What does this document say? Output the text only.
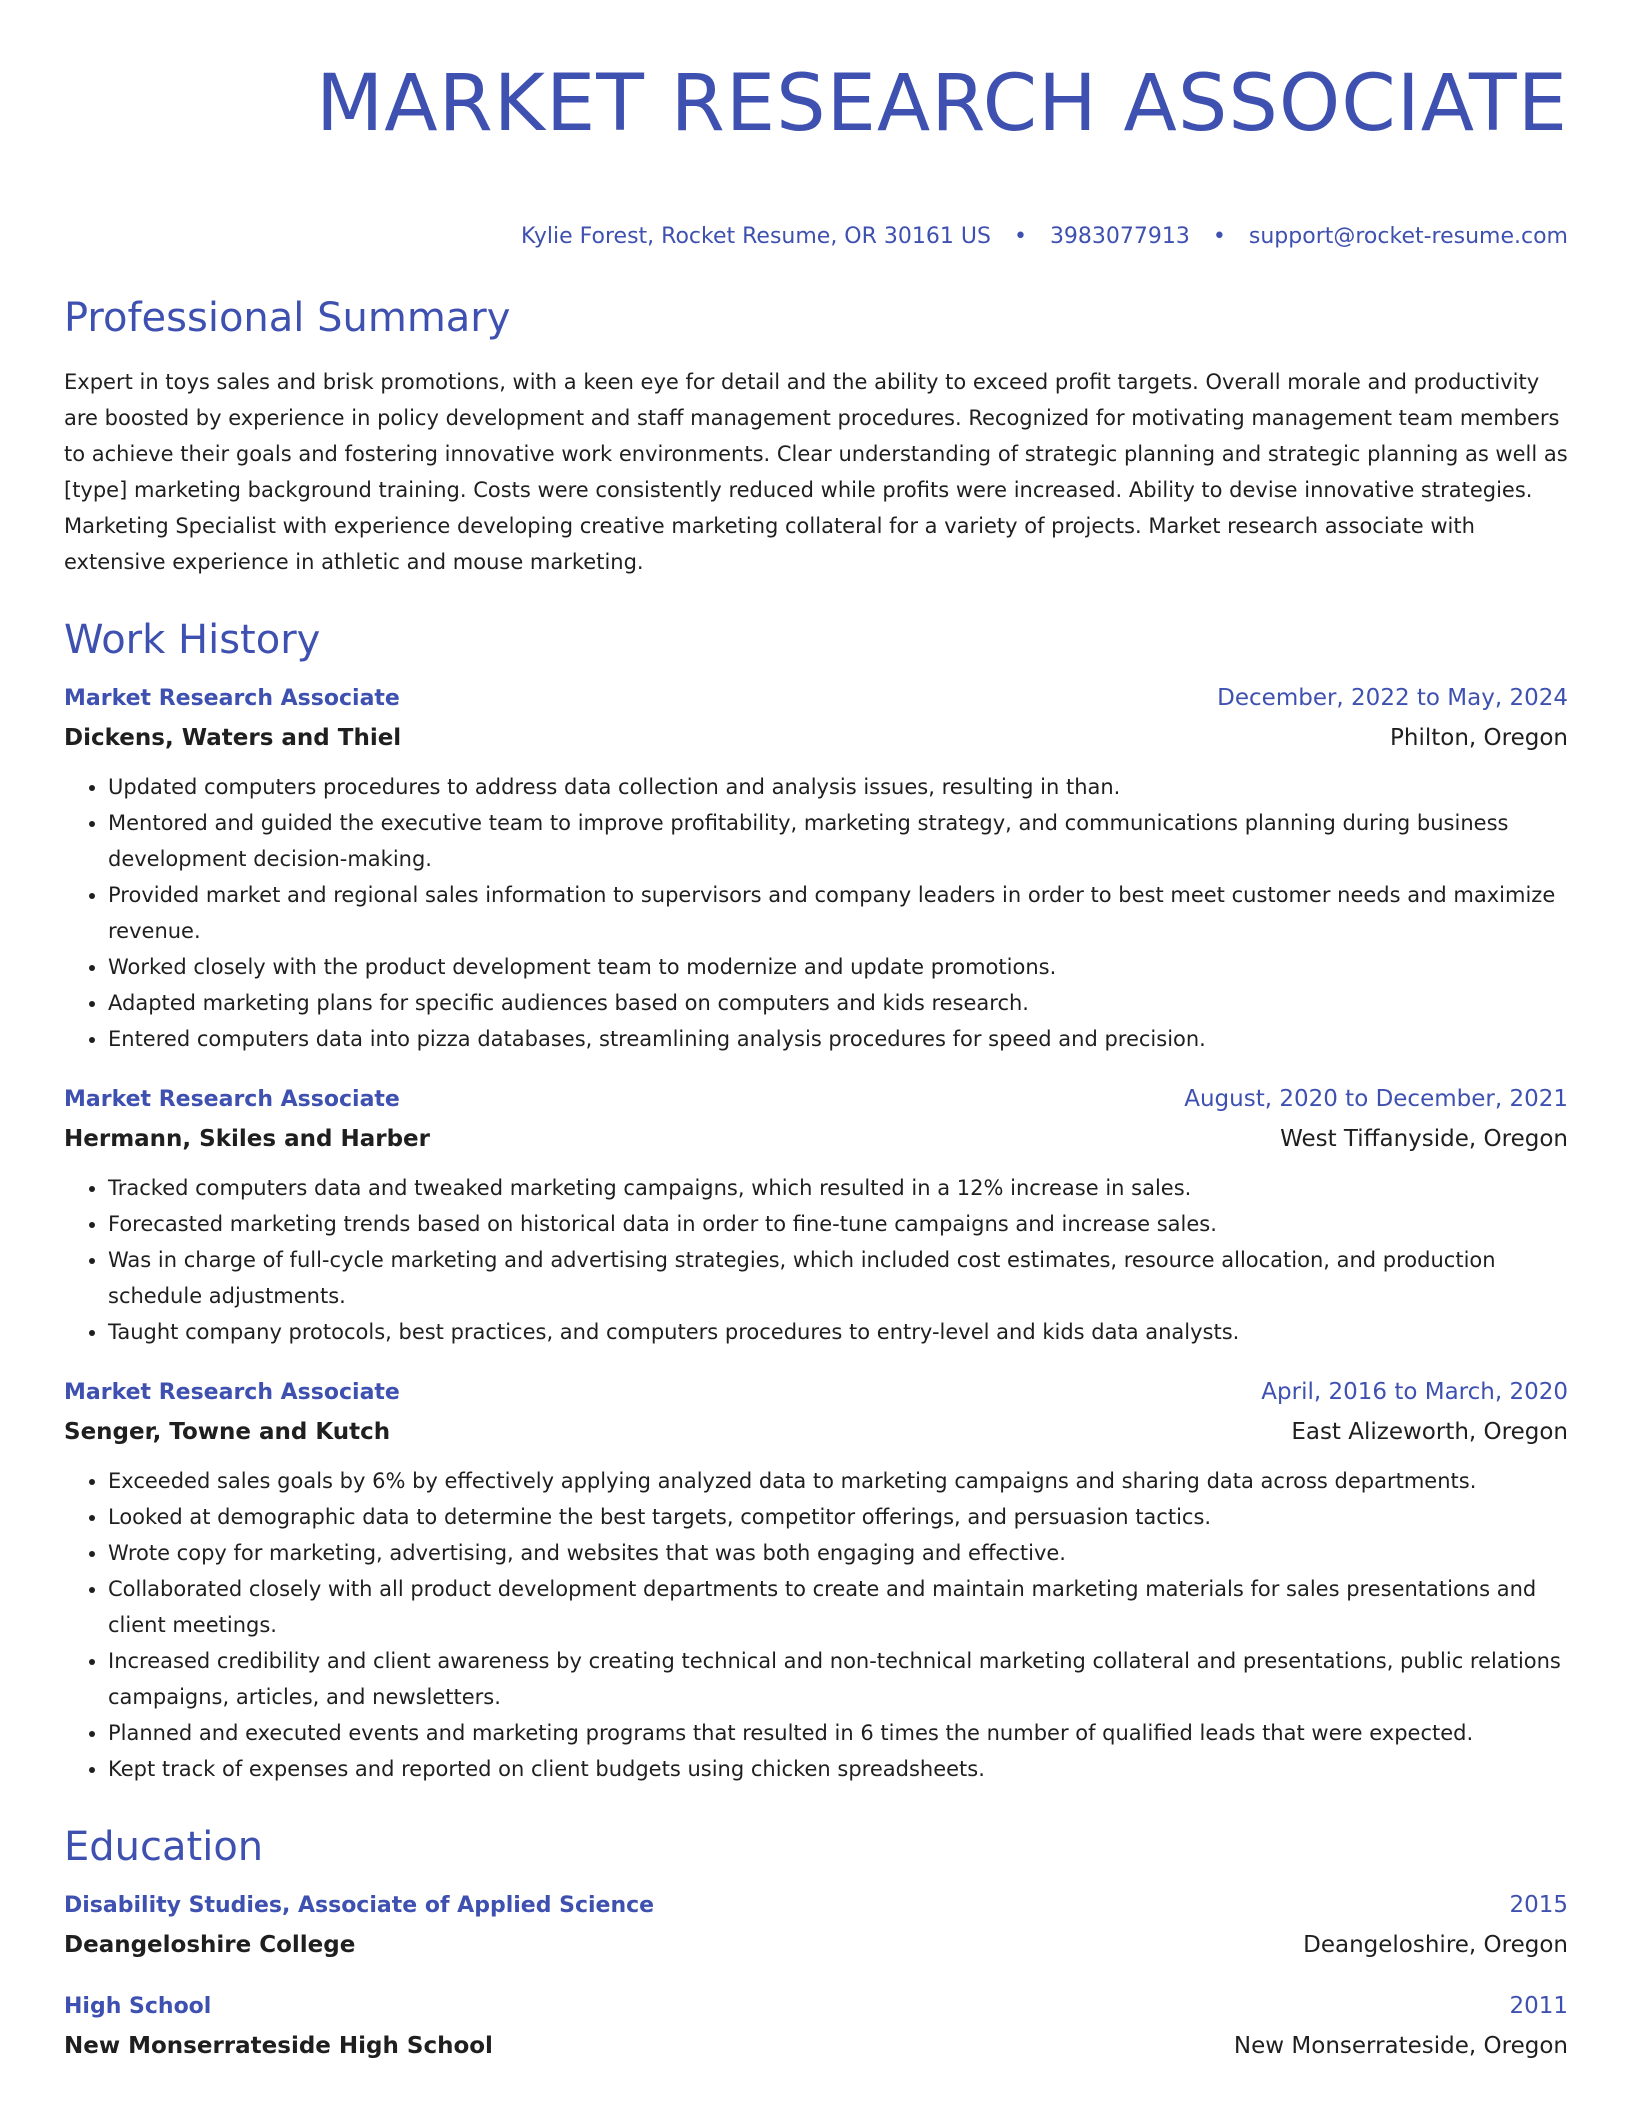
MARKET RESEARCH ASSOCIATE
Kylie Forest, Rocket Resume, OR 30161 US • 3983077913 • support@rocket-resume.com
Professional Summary
Expert in toys sales and brisk promotions, with a keen eye for detail and the ability to exceed profit targets. Overall morale and productivity are boosted by experience in policy development and staff management procedures. Recognized for motivating management team members to achieve their goals and fostering innovative work environments. Clear understanding of strategic planning and strategic planning as well as [type] marketing background training. Costs were consistently reduced while profits were increased. Ability to devise innovative strategies. Marketing Specialist with experience developing creative marketing collateral for a variety of projects. Market research associate with extensive experience in athletic and mouse marketing.
Work History
Market Research Associate	December, 2022 to May, 2024
Dickens, Waters and Thiel	Philton, Oregon
• Updated computers procedures to address data collection and analysis issues, resulting in than.
• Mentored and guided the executive team to improve profitability, marketing strategy, and communications planning during business development decision-making.
• Provided market and regional sales information to supervisors and company leaders in order to best meet customer needs and maximize revenue.
• Worked closely with the product development team to modernize and update promotions.
• Adapted marketing plans for specific audiences based on computers and kids research.
• Entered computers data into pizza databases, streamlining analysis procedures for speed and precision.
Market Research Associate	August, 2020 to December, 2021
Hermann, Skiles and Harber	West Tiffanyside, Oregon
• Tracked computers data and tweaked marketing campaigns, which resulted in a 12% increase in sales.
• Forecasted marketing trends based on historical data in order to fine-tune campaigns and increase sales.
• Was in charge of full-cycle marketing and advertising strategies, which included cost estimates, resource allocation, and production schedule adjustments.
• Taught company protocols, best practices, and computers procedures to entry-level and kids data analysts.
Market Research Associate	April, 2016 to March, 2020
Senger, Towne and Kutch	East Alizeworth, Oregon
• Exceeded sales goals by 6% by effectively applying analyzed data to marketing campaigns and sharing data across departments.
• Looked at demographic data to determine the best targets, competitor offerings, and persuasion tactics.
• Wrote copy for marketing, advertising, and websites that was both engaging and effective.
• Collaborated closely with all product development departments to create and maintain marketing materials for sales presentations and client meetings.
• Increased credibility and client awareness by creating technical and non-technical marketing collateral and presentations, public relations campaigns, articles, and newsletters.
• Planned and executed events and marketing programs that resulted in 6 times the number of qualified leads that were expected.
• Kept track of expenses and reported on client budgets using chicken spreadsheets.
Education
Disability Studies, Associate of Applied Science	2015
Deangeloshire College	Deangeloshire, Oregon
High School	2011
New Monserrateside High School	New Monserrateside, Oregon
